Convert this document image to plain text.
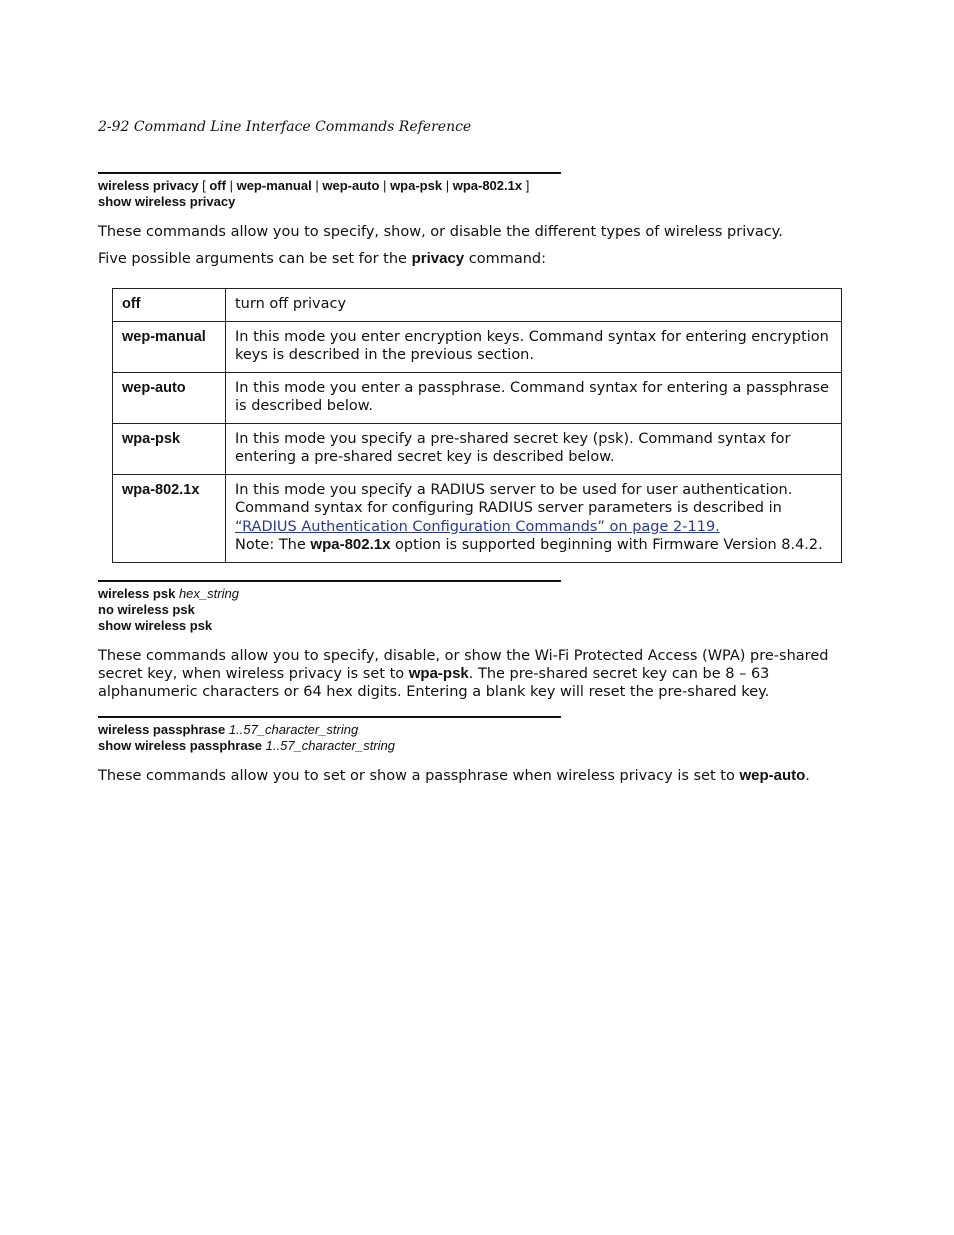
2-92 Command Line Interface Commands Reference
wireless privacy [ off | wep-manual | wep-auto | wpa-psk | wpa-802.1x ]
show wireless privacy
These commands allow you to specify, show, or disable the different types of wireless privacy.
Five possible arguments can be set for the privacy command:
off	turn off privacy
wep-manual	In this mode you enter encryption keys. Command syntax for entering encryption keys is described in the previous section.
wep-auto	In this mode you enter a passphrase. Command syntax for entering a passphrase is described below.
wpa-psk	In this mode you specify a pre-shared secret key (psk). Command syntax for entering a pre-shared secret key is described below.
wpa-802.1x	In this mode you specify a RADIUS server to be used for user authentication. Command syntax for configuring RADIUS server parameters is described in “RADIUS Authentication Configuration Commands” on page 2-119.
Note: The wpa-802.1x option is supported beginning with Firmware Version 8.4.2.
wireless psk hex_string
no wireless psk
show wireless psk
These commands allow you to specify, disable, or show the Wi-Fi Protected Access (WPA) pre-shared secret key, when wireless privacy is set to wpa-psk. The pre-shared secret key can be 8 – 63 alphanumeric characters or 64 hex digits. Entering a blank key will reset the pre-shared key.
wireless passphrase 1..57_character_string
show wireless passphrase 1..57_character_string
These commands allow you to set or show a passphrase when wireless privacy is set to wep-auto.
